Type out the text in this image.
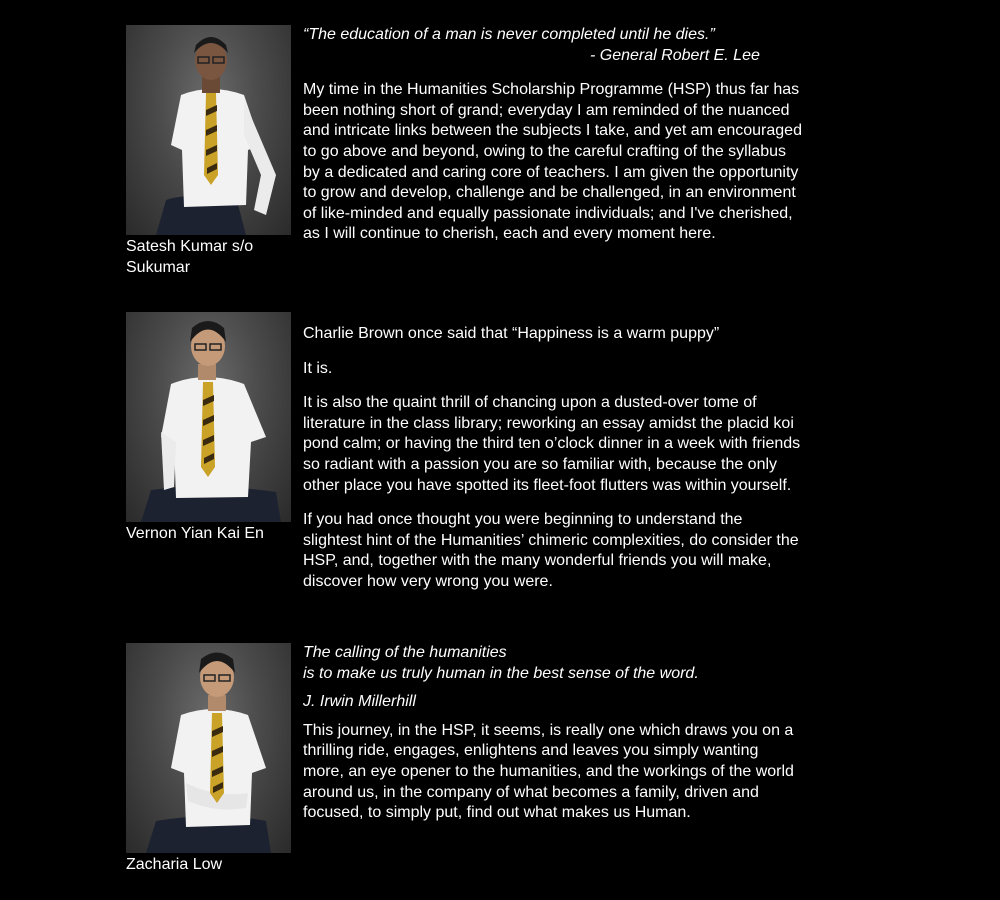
Satesh Kumar s/o Sukumar

“The education of a man is never completed until he dies.”

- General Robert E. Lee

My time in the Humanities Scholarship Programme (HSP) thus far has been nothing short of grand; everyday I am reminded of the nuanced and intricate links between the subjects I take, and yet am encouraged to go above and beyond, owing to the careful crafting of the syllabus by a dedicated and caring core of teachers. I am given the opportunity to grow and develop, challenge and be challenged, in an environment of like-minded and equally passionate individuals; and I've cherished, as I will continue to cherish, each and every moment here.

Vernon Yian Kai En

Charlie Brown once said that “Happiness is a warm puppy”

It is.

It is also the quaint thrill of chancing upon a dusted-over tome of literature in the class library; reworking an essay amidst the placid koi pond calm; or having the third ten o’clock dinner in a week with friends so radiant with a passion you are so familiar with, because the only other place you have spotted its fleet-foot flutters was within yourself.

If you had once thought you were beginning to understand the slightest hint of the Humanities’ chimeric complexities, do consider the HSP, and, together with the many wonderful friends you will make, discover how very wrong you were.

Zacharia Low

The calling of the humanities

is to make us truly human in the best sense of the word.

J. Irwin Millerhill

This journey, in the HSP, it seems, is really one which draws you on a thrilling ride, engages, enlightens and leaves you simply wanting more, an eye opener to the humanities, and the workings of the world around us, in the company of what becomes a family, driven and focused, to simply put, find out what makes us Human.
